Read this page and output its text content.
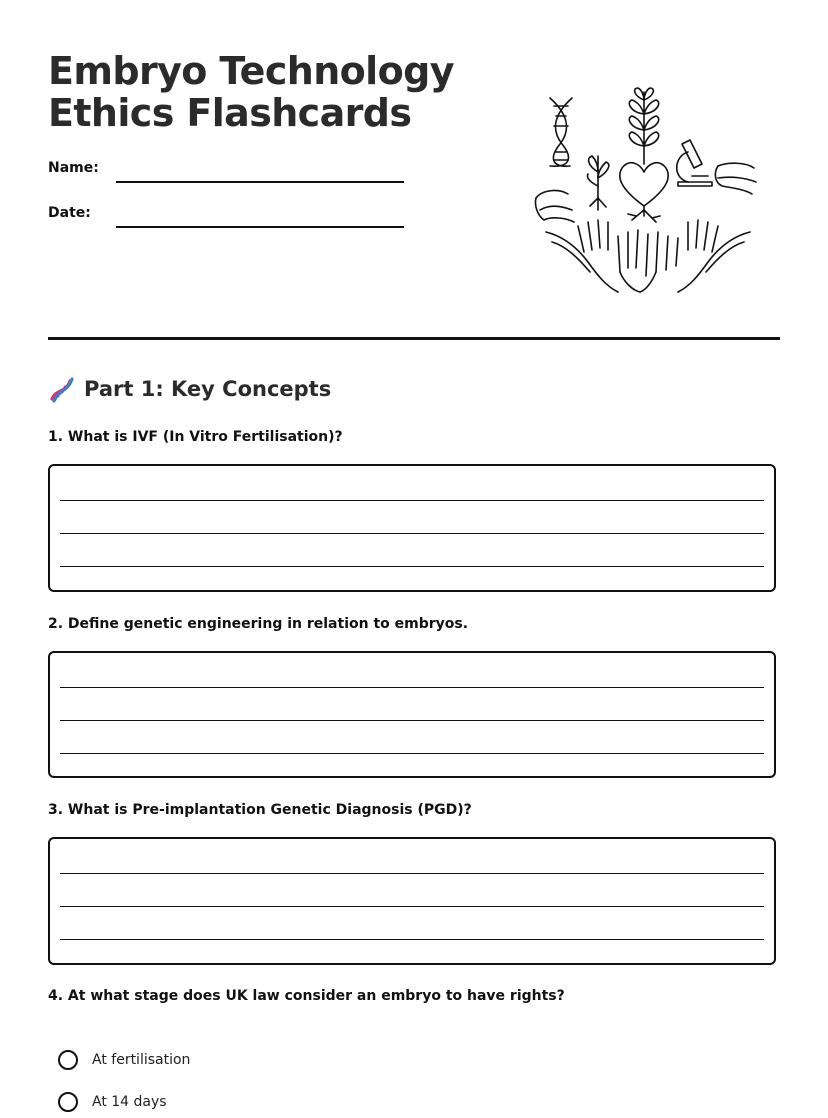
Embryo Technology
Ethics Flashcards
Name:
Date:
Part 1: Key Concepts
1. What is IVF (In Vitro Fertilisation)?
2. Define genetic engineering in relation to embryos.
3. What is Pre-implantation Genetic Diagnosis (PGD)?
4. At what stage does UK law consider an embryo to have rights?
At fertilisation
At 14 days
